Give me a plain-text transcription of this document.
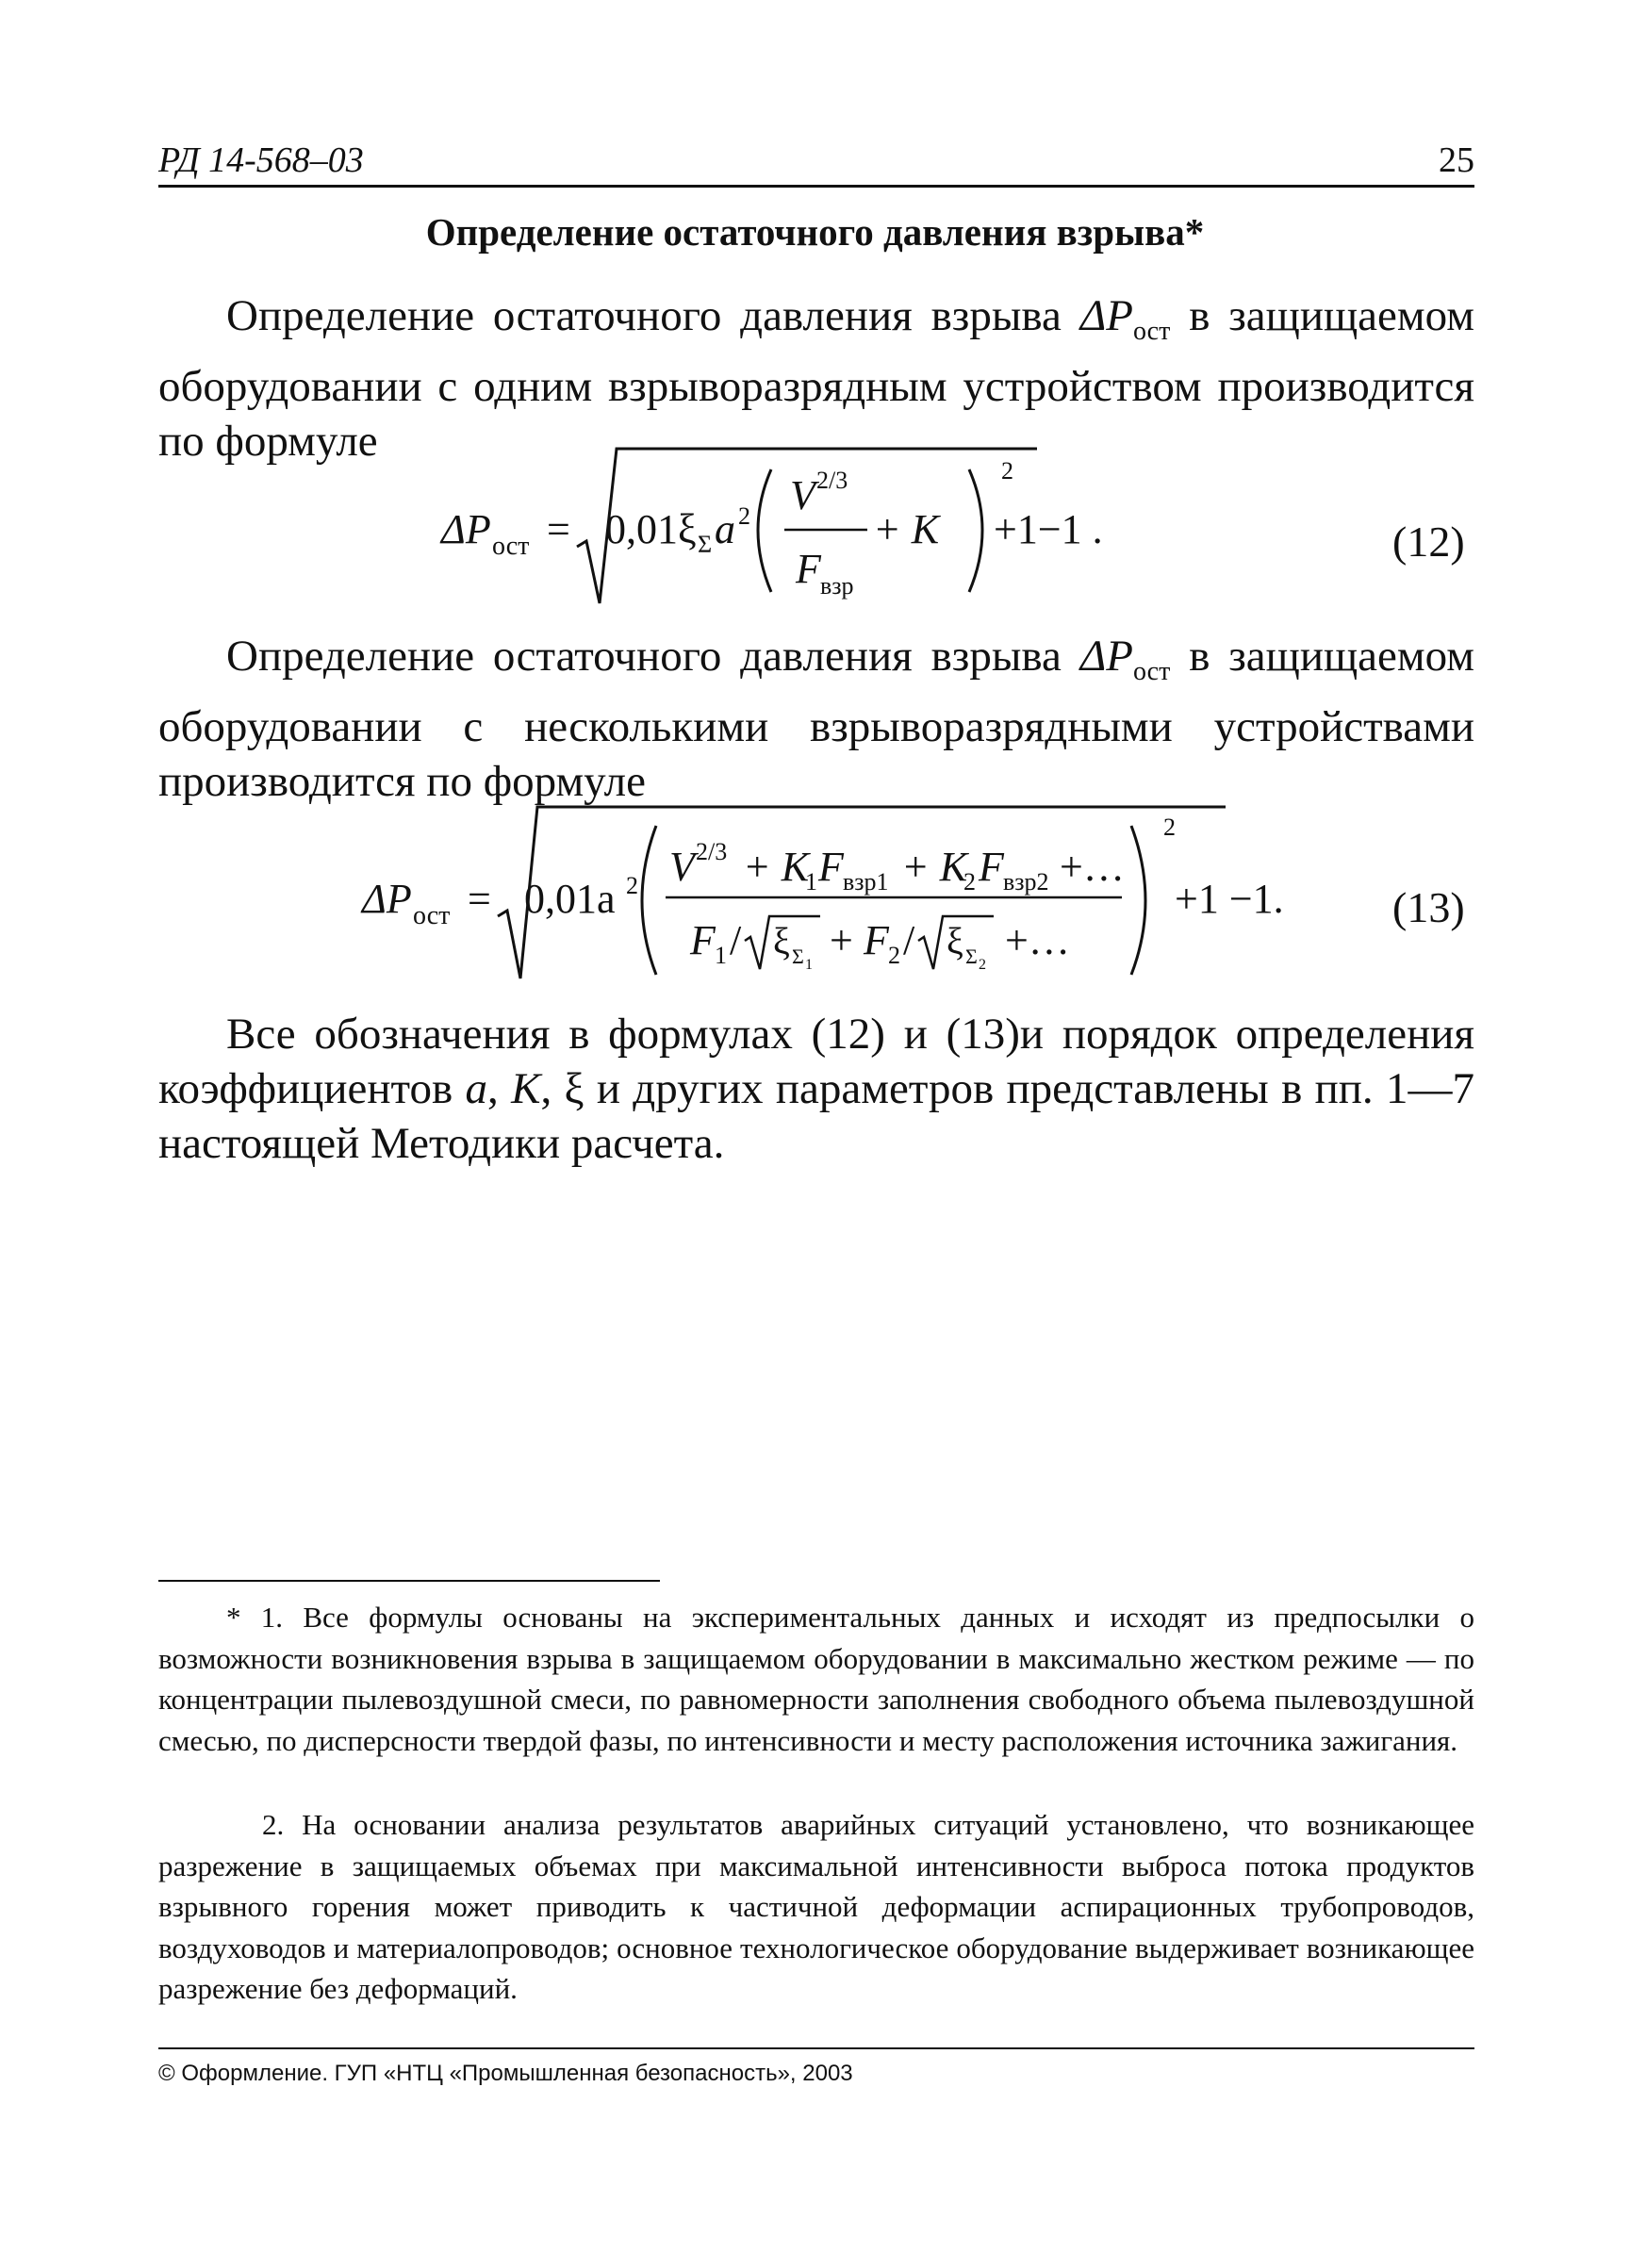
РД 14-568–03	25
Определение остаточного давления взрыва*
Определение остаточного давления взрыва $\Delta P_{ост}$ в защищаемом оборудовании с одним взрыворазрядным устройством производится по формуле
ΔP ост = 0,01ξ Σ a 2 V 2/3
F взр
+ K
2
+1−1 .	(12)
Определение остаточного давления взрыва $\Delta P_{ост}$ в защищаемом оборудовании с несколькими взрыворазрядными устройствами производится по формуле
ΔP ост = 0,01a 2 V 2/3 + K
1 F взр1 + K
2 F взр2 +…
F 1 / ξ Σ 1
+ F 2 / ξ Σ 2
+…
2
+1 −1.	(13)
Все обозначения в формулах (12) и (13)и порядок определения коэффициентов a, K, ξ и других параметров представлены в пп. 1—7 настоящей Методики расчета.
* 1. Все формулы основаны на экспериментальных данных и исходят из предпосылки о возможности возникновения взрыва в защищаемом оборудовании в максимально жестком режиме — по концентрации пылевоздушной смеси, по равномерности заполнения свободного объема пылевоздушной смесью, по дисперсности твердой фазы, по интенсивности и месту расположения источника зажигания.
2. На основании анализа результатов аварийных ситуаций установлено, что возникающее разрежение в защищаемых объемах при максимальной интенсивности выброса потока продуктов взрывного горения может приводить к частичной деформации аспирационных трубопроводов, воздуховодов и материалопроводов; основное технологическое оборудование выдерживает возникающее разрежение без деформаций.
© Оформление. ГУП «НТЦ «Промышленная безопасность», 2003
